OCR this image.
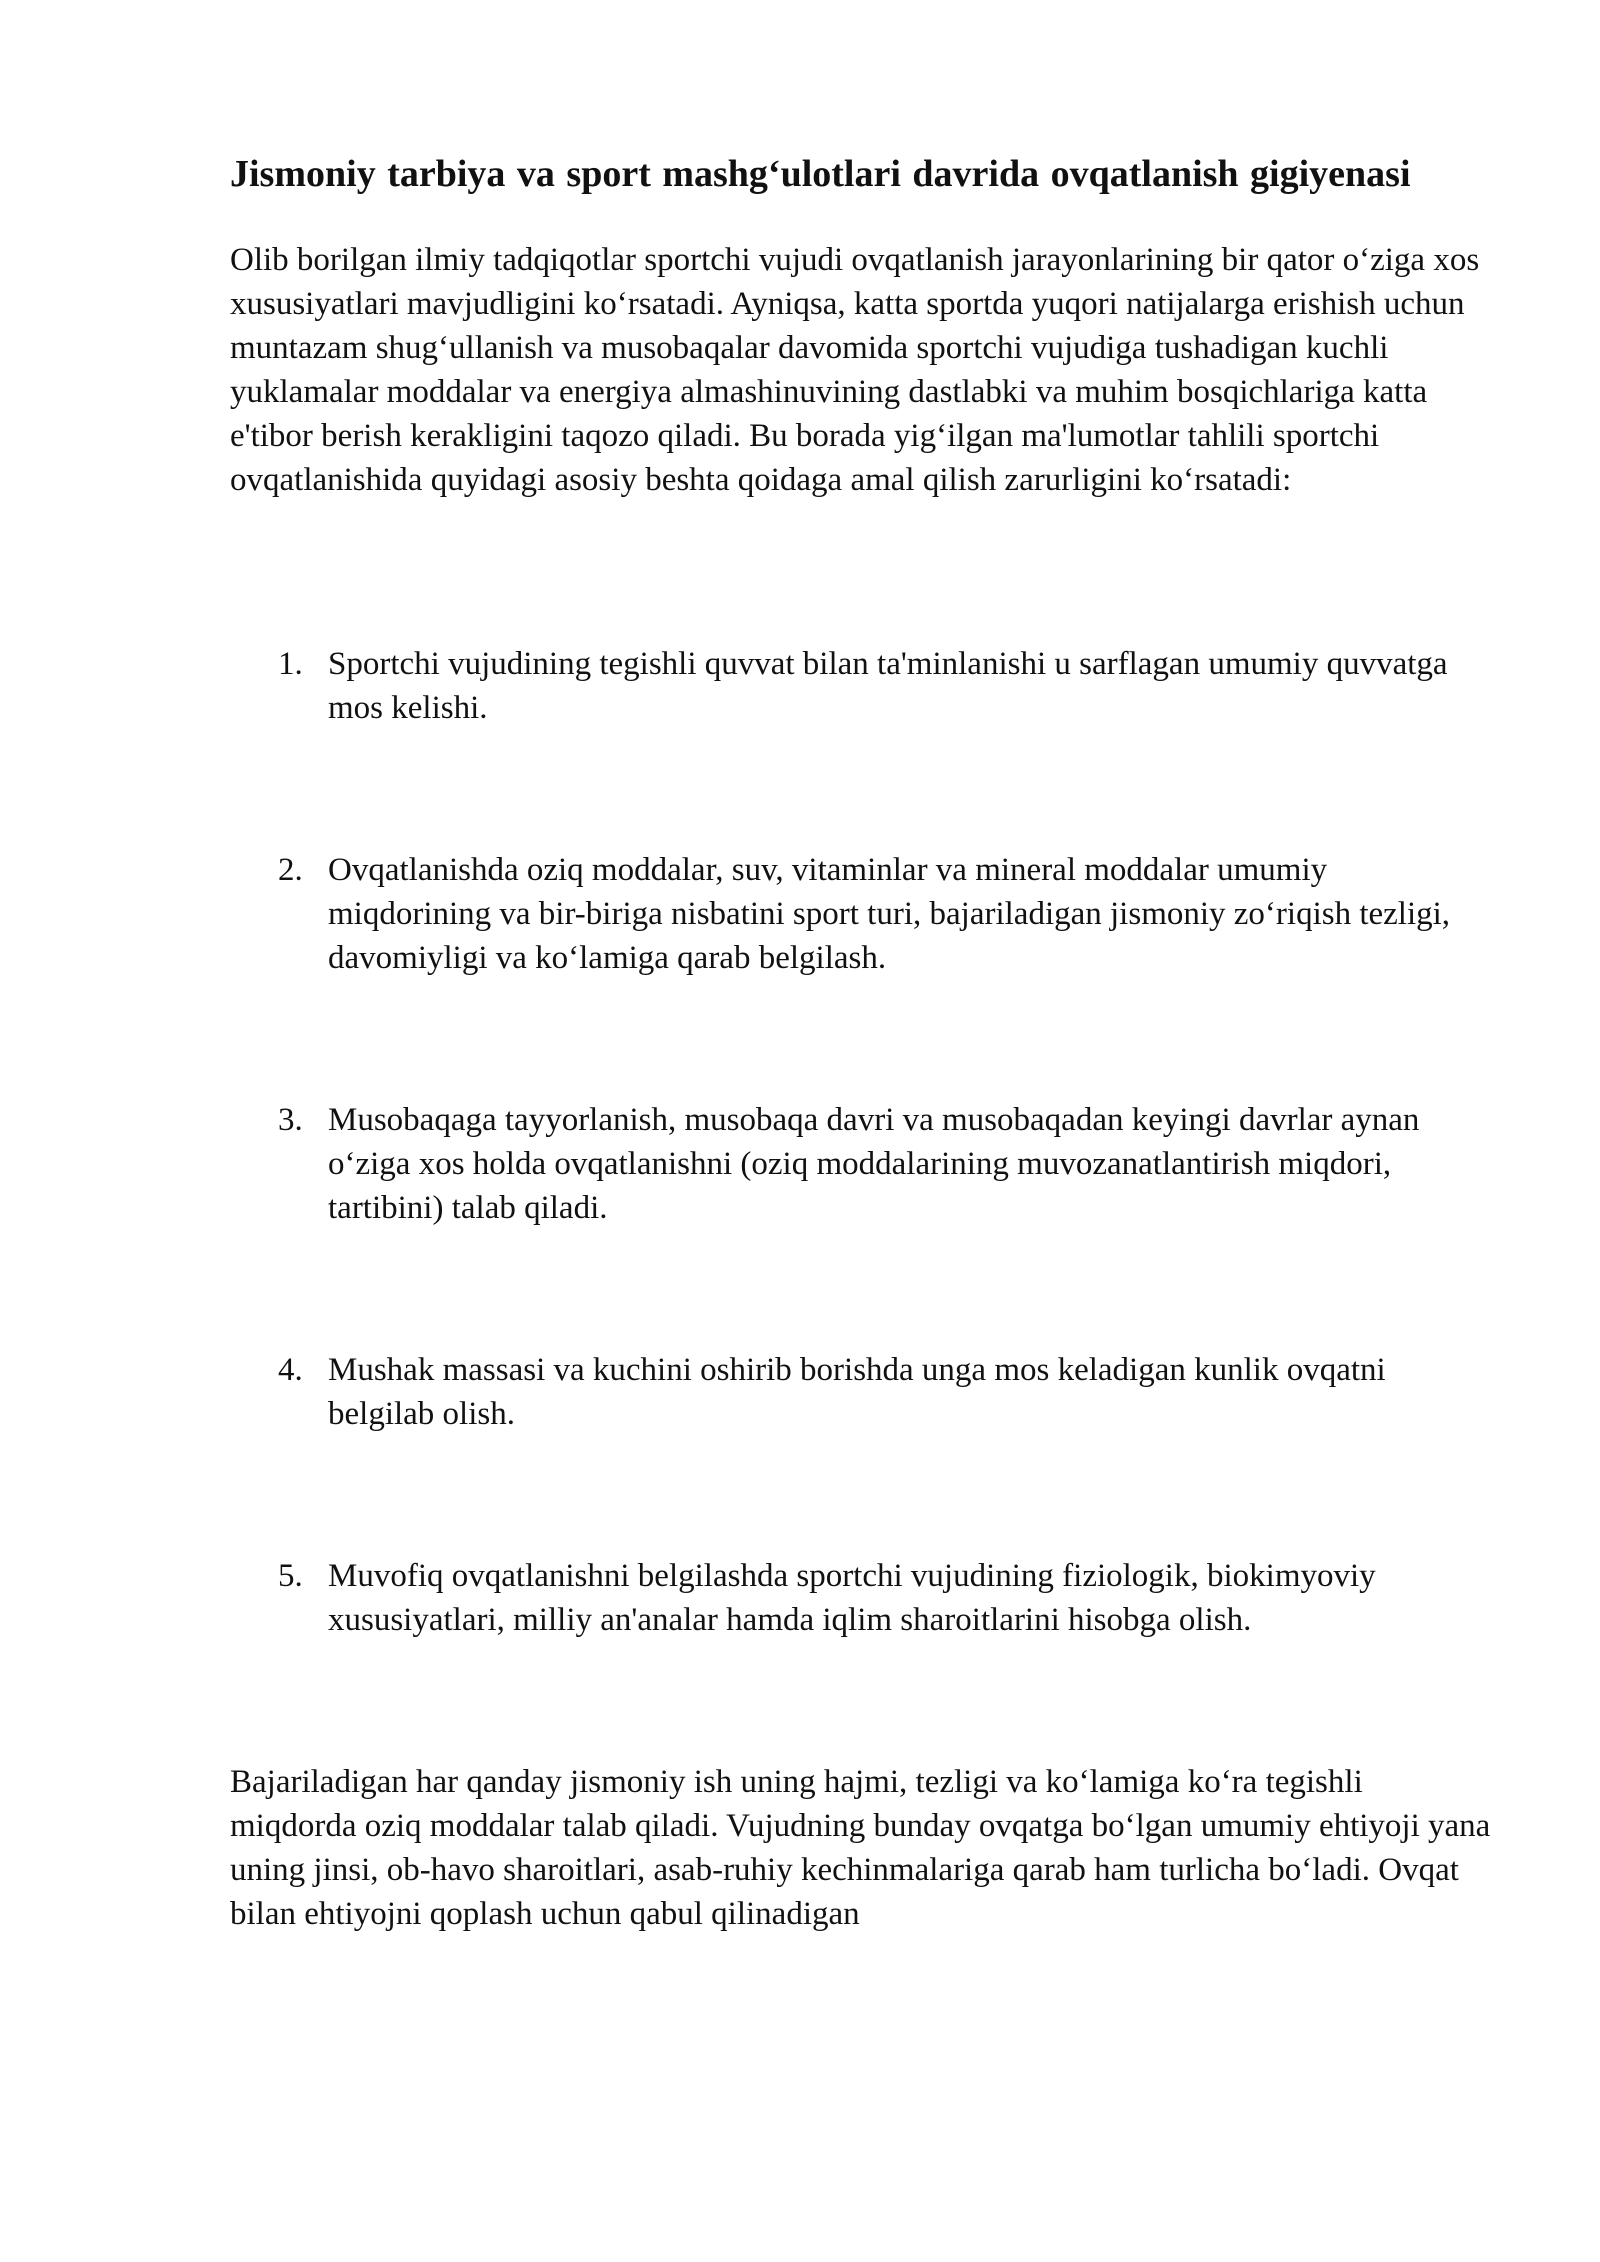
Jismoniy tarbiya va sport mashg‘ulotlari davrida ovqatlanish gigiyenasi

Olib borilgan ilmiy tadqiqotlar sportchi vujudi ovqatlanish jarayonlarining bir qator o‘ziga xos xususiyatlari mavjudligini ko‘rsatadi. Ayniqsa, katta sportda yuqori natijalarga erishish uchun muntazam shug‘ullanish va musobaqalar davomida sportchi vujudiga tushadigan kuchli yuklamalar moddalar va energiya almashinuvining dastlabki va muhim bosqichlariga katta e'tibor berish kerakligini taqozo qiladi. Bu borada yig‘ilgan ma'lumotlar tahlili sportchi ovqatlanishida quyidagi asosiy beshta qoidaga amal qilish zarurligini ko‘rsatadi:

1. Sportchi vujudining tegishli quvvat bilan ta'minlanishi u sarflagan umumiy quvvatga mos kelishi.
2. Ovqatlanishda oziq moddalar, suv, vitaminlar va mineral moddalar umumiy miqdorining va bir-biriga nisbatini sport turi, bajariladigan jismoniy zo‘riqish tezligi, davomiyligi va ko‘lamiga qarab belgilash.
3. Musobaqaga tayyorlanish, musobaqa davri va musobaqadan keyingi davrlar aynan o‘ziga xos holda ovqatlanishni (oziq moddalarining muvozanatlantirish miqdori, tartibini) talab qiladi.
4. Mushak massasi va kuchini oshirib borishda unga mos keladigan kunlik ovqatni belgilab olish.
5. Muvofiq ovqatlanishni belgilashda sportchi vujudining fiziologik, biokimyoviy xususiyatlari, milliy an'analar hamda iqlim sharoitlarini hisobga olish.

Bajariladigan har qanday jismoniy ish uning hajmi, tezligi va ko‘lamiga ko‘ra tegishli miqdorda oziq moddalar talab qiladi. Vujudning bunday ovqatga bo‘lgan umumiy ehtiyoji yana uning jinsi, ob-havo sharoitlari, asab-ruhiy kechinmalariga qarab ham turlicha bo‘ladi. Ovqat bilan ehtiyojni qoplash uchun qabul qilinadigan
